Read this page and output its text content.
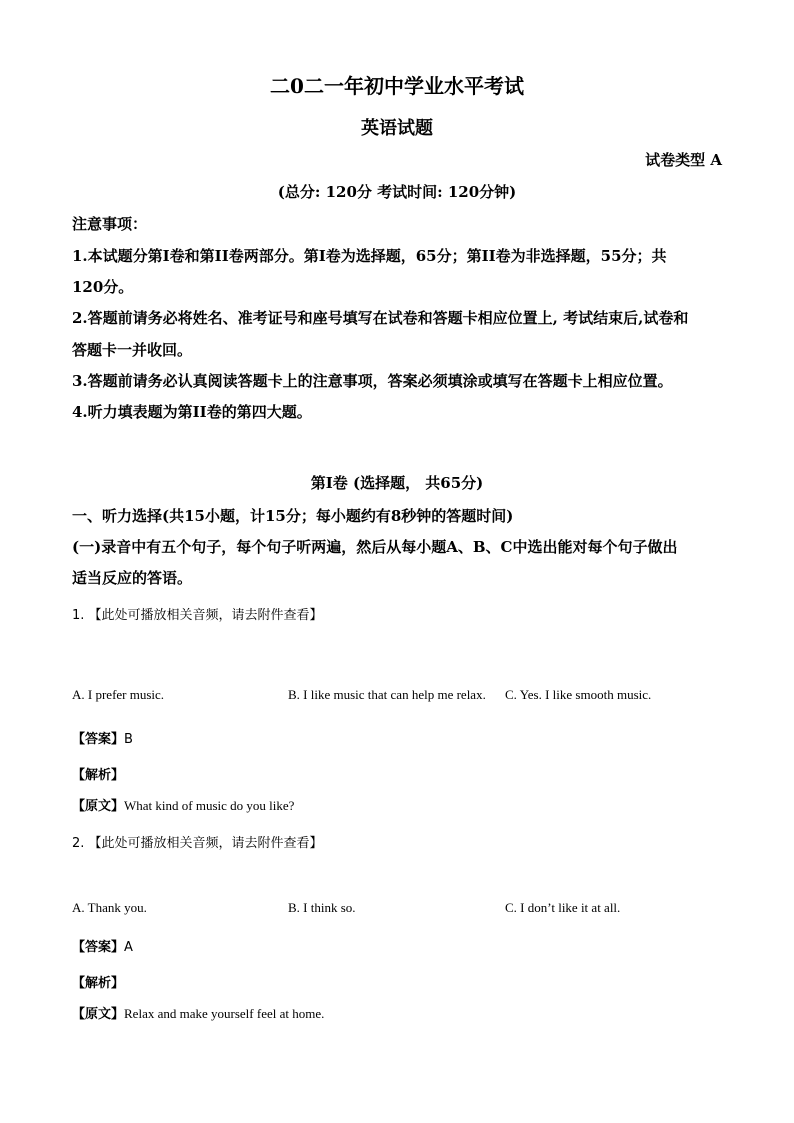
二0二一年初中学业水平考试
英语试题
试卷类型 A
(总分: 120分 考试时间: 120分钟)
注意事项：
1.本试题分第I卷和第II卷两部分。第I卷为选择题，65分；第II卷为非选择题，55分；共
120分。
2.答题前请务必将姓名、准考证号和座号填写在试卷和答题卡相应位置上, 考试结束后,试卷和
答题卡一并收回。
3.答题前请务必认真阅读答题卡上的注意事项，答案必须填涂或填写在答题卡上相应位置。
4.听力填表题为第II卷的第四大题。
第I卷 (选择题， 共65分)
一、听力选择(共15小题，计15分；每小题约有8秒钟的答题时间)
(一)录音中有五个句子，每个句子听两遍，然后从每小题A、B、C中选出能对每个句子做出
适当反应的答语。
1. 【此处可播放相关音频，请去附件查看】
A. I prefer music.	B. I like music that can help me relax. C. Yes. I like smooth music.
【答案】B
【解析】
【原文】What kind of music do you like?
2. 【此处可播放相关音频，请去附件查看】
A. Thank you.	B. I think so.	C. I don’t like it at all.
【答案】A
【解析】
【原文】Relax and make yourself feel at home.
